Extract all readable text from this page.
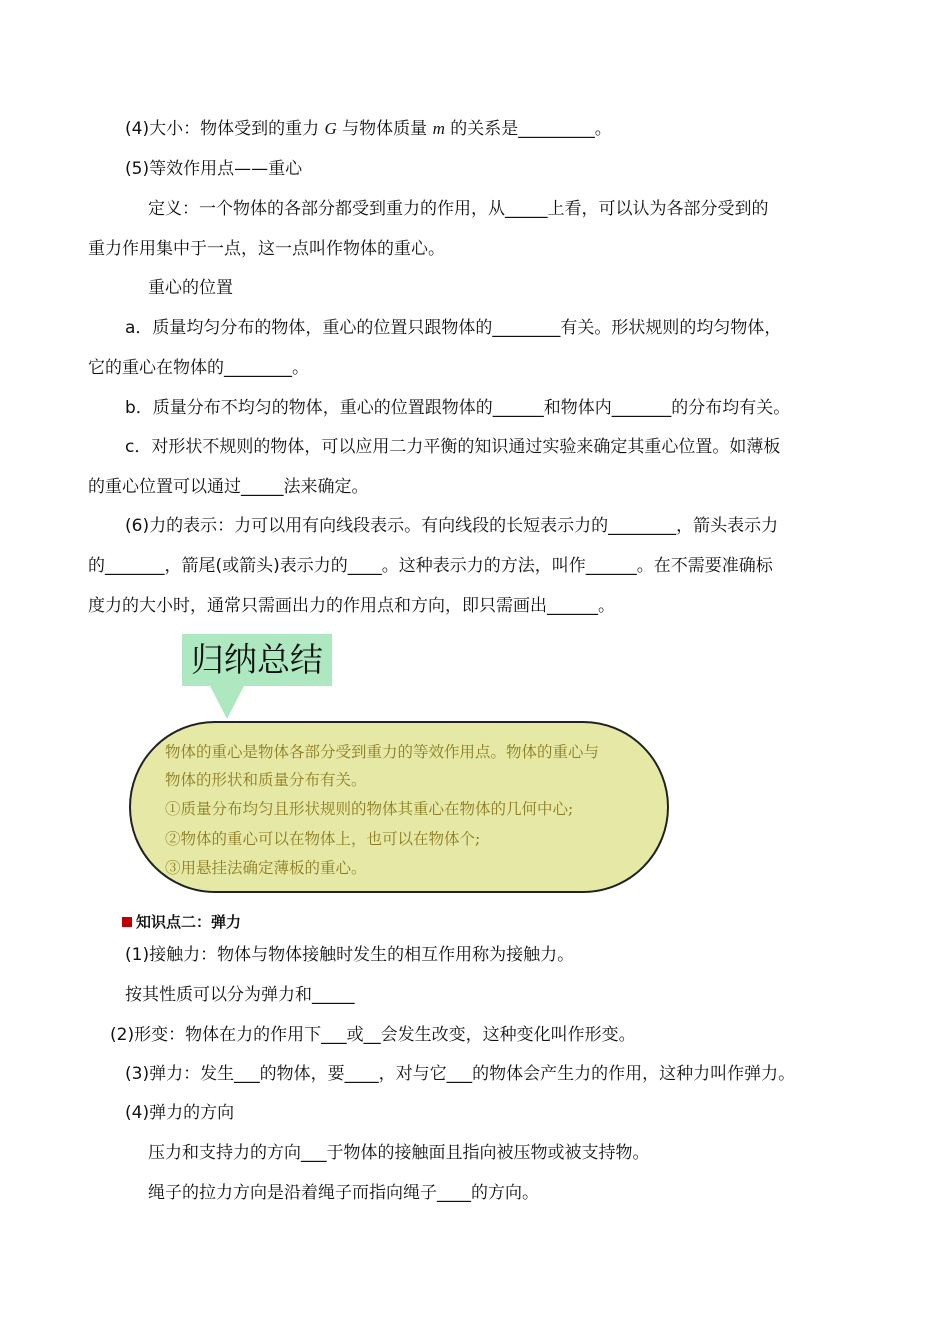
(4)大小：物体受到的重力 G 与物体质量 m 的关系是_________。
(5)等效作用点——重心
定义：一个物体的各部分都受到重力的作用，从_____上看，可以认为各部分受到的
重力作用集中于一点，这一点叫作物体的重心。
重心的位置
a．质量均匀分布的物体，重心的位置只跟物体的________有关。形状规则的均匀物体，
它的重心在物体的________。
b．质量分布不均匀的物体，重心的位置跟物体的______和物体内_______的分布均有关。
c．对形状不规则的物体，可以应用二力平衡的知识通过实验来确定其重心位置。如薄板
的重心位置可以通过_____法来确定。
(6)力的表示：力可以用有向线段表示。有向线段的长短表示力的________，箭头表示力
的_______，箭尾(或箭头)表示力的____。这种表示力的方法，叫作______。在不需要准确标
度力的大小时，通常只需画出力的作用点和方向，即只需画出______。
归纳总结
物体的重心是物体各部分受到重力的等效作用点。物体的重心与
物体的形状和质量分布有关。
①质量分布均匀且形状规则的物体其重心在物体的几何中心;
②物体的重心可以在物体上，也可以在物体个;
③用悬挂法确定薄板的重心。
知识点二：弹力
(1)接触力：物体与物体接触时发生的相互作用称为接触力。
按其性质可以分为弹力和_____
(2)形变：物体在力的作用下___或__会发生改变，这种变化叫作形变。
(3)弹力：发生___的物体，要____，对与它___的物体会产生力的作用，这种力叫作弹力。
(4)弹力的方向
压力和支持力的方向___于物体的接触面且指向被压物或被支持物。
绳子的拉力方向是沿着绳子而指向绳子____的方向。
